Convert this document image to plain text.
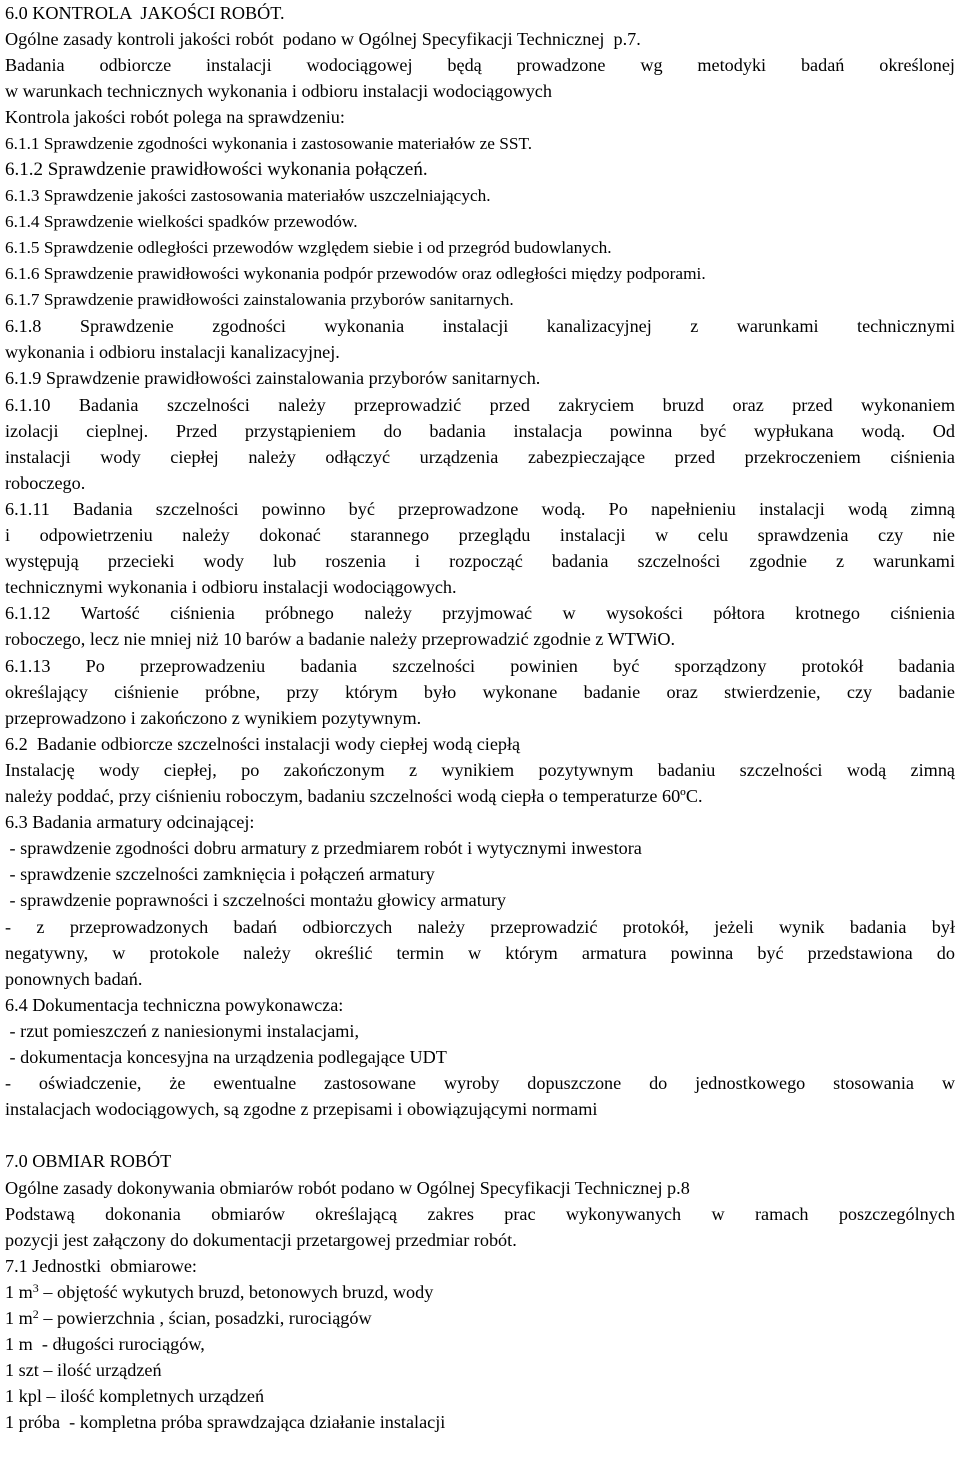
6.0 KONTROLA  JAKOŚCI ROBÓT.
Ogólne zasady kontroli jakości robót  podano w Ogólnej Specyfikacji Technicznej  p.7.
Badania odbiorcze instalacji wodociągowej będą prowadzone wg metodyki badań określonej
w warunkach technicznych wykonania i odbioru instalacji wodociągowych
Kontrola jakości robót polega na sprawdzeniu:
6.1.1 Sprawdzenie zgodności wykonania i zastosowanie materiałów ze SST.
6.1.2 Sprawdzenie prawidłowości wykonania połączeń.
6.1.3 Sprawdzenie jakości zastosowania materiałów uszczelniających.
6.1.4 Sprawdzenie wielkości spadków przewodów.
6.1.5 Sprawdzenie odległości przewodów względem siebie i od przegród budowlanych.
6.1.6 Sprawdzenie prawidłowości wykonania podpór przewodów oraz odległości między podporami.
6.1.7 Sprawdzenie prawidłowości zainstalowania przyborów sanitarnych.
6.1.8 Sprawdzenie zgodności wykonania instalacji kanalizacyjnej z warunkami technicznymi
wykonania i odbioru instalacji kanalizacyjnej.
6.1.9 Sprawdzenie prawidłowości zainstalowania przyborów sanitarnych.
6.1.10 Badania szczelności należy przeprowadzić przed zakryciem bruzd oraz przed wykonaniem
izolacji cieplnej. Przed przystąpieniem do badania instalacja powinna być wypłukana wodą. Od
instalacji wody ciepłej należy odłączyć urządzenia zabezpieczające przed przekroczeniem ciśnienia
roboczego.
6.1.11 Badania szczelności powinno być przeprowadzone wodą. Po napełnieniu instalacji wodą zimną
i odpowietrzeniu należy dokonać starannego przeglądu instalacji w celu sprawdzenia czy nie
występują przecieki wody lub roszenia i rozpocząć badania szczelności zgodnie z warunkami
technicznymi wykonania i odbioru instalacji wodociągowych.
6.1.12 Wartość ciśnienia próbnego należy przyjmować w wysokości półtora krotnego ciśnienia
roboczego, lecz nie mniej niż 10 barów a badanie należy przeprowadzić zgodnie z WTWiO.
6.1.13 Po przeprowadzeniu badania szczelności powinien być sporządzony protokół badania
określający ciśnienie próbne, przy którym było wykonane badanie oraz stwierdzenie, czy badanie
przeprowadzono i zakończono z wynikiem pozytywnym.
6.2  Badanie odbiorcze szczelności instalacji wody ciepłej wodą ciepłą
Instalację wody ciepłej, po zakończonym z wynikiem pozytywnym badaniu szczelności wodą zimną
należy poddać, przy ciśnieniu roboczym, badaniu szczelności wodą ciepła o temperaturze 60ºC.
6.3 Badania armatury odcinającej:
- sprawdzenie zgodności dobru armatury z przedmiarem robót i wytycznymi inwestora
- sprawdzenie szczelności zamknięcia i połączeń armatury
- sprawdzenie poprawności i szczelności montażu głowicy armatury
- z przeprowadzonych badań odbiorczych należy przeprowadzić protokół, jeżeli wynik badania był
negatywny, w protokole należy określić termin w którym armatura powinna być przedstawiona do
ponownych badań.
6.4 Dokumentacja techniczna powykonawcza:
- rzut pomieszczeń z naniesionymi instalacjami,
- dokumentacja koncesyjna na urządzenia podlegające UDT
- oświadczenie, że ewentualne zastosowane wyroby dopuszczone do jednostkowego stosowania w
instalacjach wodociągowych, są zgodne z przepisami i obowiązującymi normami
7.0 OBMIAR ROBÓT
Ogólne zasady dokonywania obmiarów robót podano w Ogólnej Specyfikacji Technicznej p.8
Podstawą dokonania obmiarów określającą zakres prac wykonywanych w ramach poszczególnych
pozycji jest załączony do dokumentacji przetargowej przedmiar robót.
7.1 Jednostki  obmiarowe:
1 $m^3$ – objętość wykutych bruzd, betonowych bruzd, wody
1 $m^2$ – powierzchnia , ścian, posadzki, rurociągów
1 m  - długości rurociągów,
1 szt – ilość urządzeń
1 kpl – ilość kompletnych urządzeń
1 próba  - kompletna próba sprawdzająca działanie instalacji
